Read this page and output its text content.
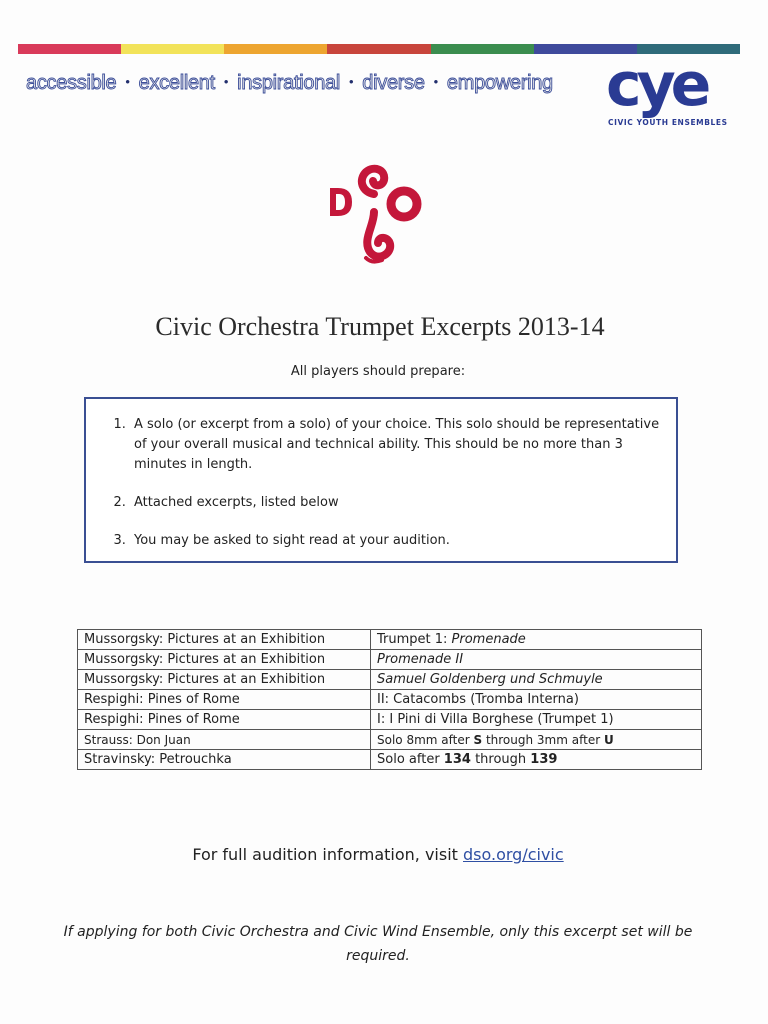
accessible • excellent • inspirational • diverse • empowering cye
CIVIC YOUTH ENSEMBLES
Civic Orchestra Trumpet Excerpts 2013-14
All players should prepare:
1. A solo (or excerpt from a solo) of your choice. This solo should be representative of your overall musical and technical ability. This should be no more than 3 minutes in length.
2. Attached excerpts, listed below
3. You may be asked to sight read at your audition.
Mussorgsky: Pictures at an Exhibition	Trumpet 1: Promenade
Mussorgsky: Pictures at an Exhibition	Promenade II
Mussorgsky: Pictures at an Exhibition	Samuel Goldenberg und Schmuyle
Respighi: Pines of Rome	II: Catacombs (Tromba Interna)
Respighi: Pines of Rome	I: I Pini di Villa Borghese (Trumpet 1)
Strauss: Don Juan	Solo 8mm after S through 3mm after U
Stravinsky: Petrouchka	Solo after 134 through 139
For full audition information, visit dso.org/civic
If applying for both Civic Orchestra and Civic Wind Ensemble, only this excerpt set will be required.
